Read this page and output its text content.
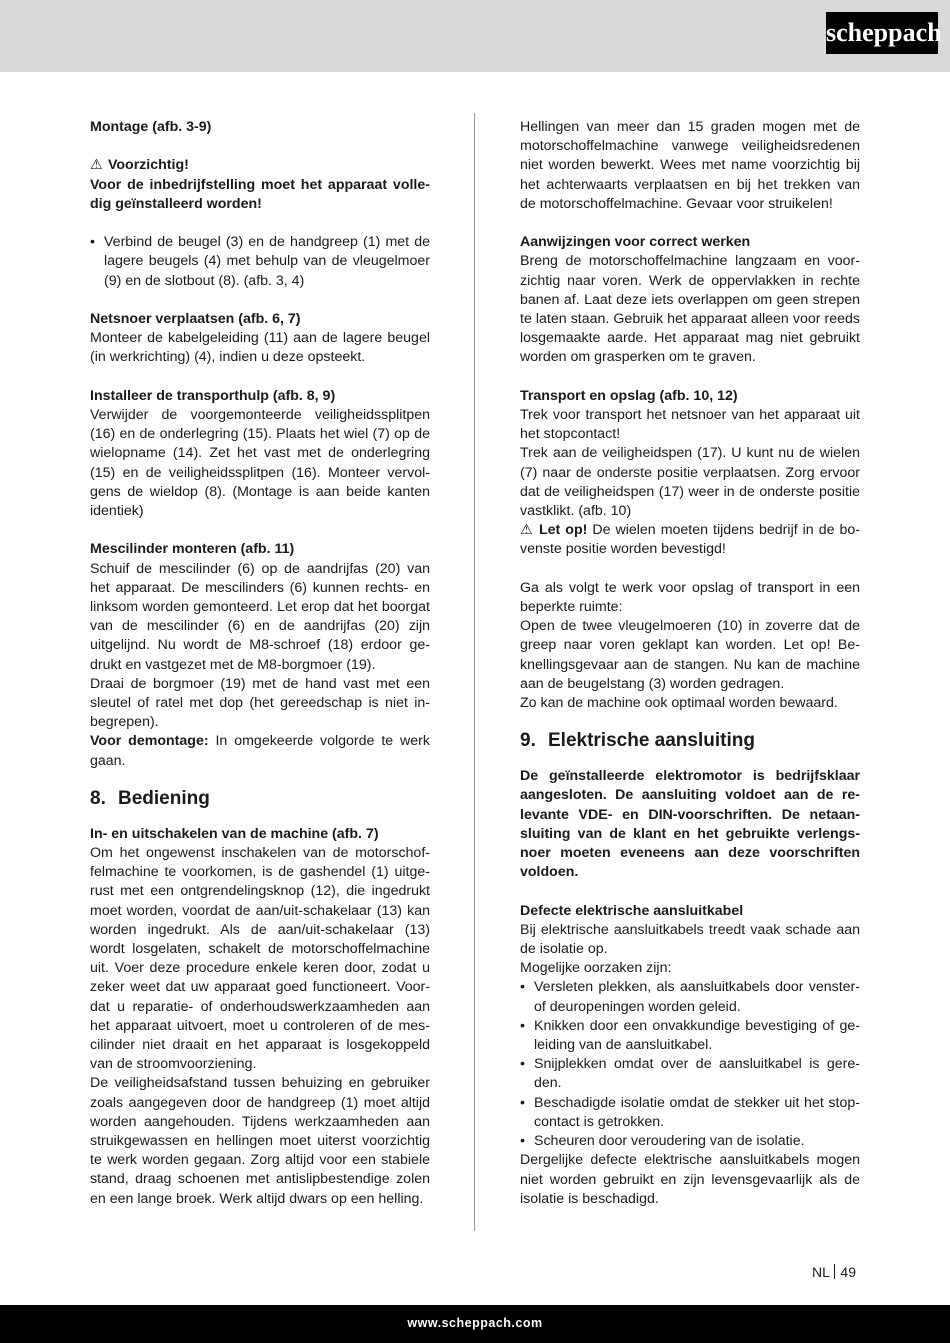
scheppach

Montage (afb. 3-9)

⚠ Voorzichtig!

Voor de inbedrijfstelling moet het apparaat volledig geïnstalleerd worden!

• Verbind de beugel (3) en de handgreep (1) met de lagere beugels (4) met behulp van de vleugelmoer (9) en de slotbout (8). (afb. 3, 4)

Netsnoer verplaatsen (afb. 6, 7)

Monteer de kabelgeleiding (11) aan de lagere beugel (in werkrichting) (4), indien u deze opsteekt.

Installeer de transporthulp (afb. 8, 9)

Verwijder de voorgemonteerde veiligheidssplitpen (16) en de onderlegring (15). Plaats het wiel (7) op de wielopname (14). Zet het vast met de onderlegring (15) en de veiligheidssplitpen (16). Monteer vervolgens de wieldop (8). (Montage is aan beide kanten identiek)

Mescilinder monteren (afb. 11)

Schuif de mescilinder (6) op de aandrijfas (20) van het apparaat. De mescilinders (6) kunnen rechts- en linksom worden gemonteerd. Let erop dat het boorgat van de mescilinder (6) en de aandrijfas (20) zijn uitgelijnd. Nu wordt de M8-schroef (18) erdoor gedrukt en vastgezet met de M8-borgmoer (19).

Draai de borgmoer (19) met de hand vast met een sleutel of ratel met dop (het gereedschap is niet inbegrepen).

Voor demontage: In omgekeerde volgorde te werk gaan.

8. Bediening

In- en uitschakelen van de machine (afb. 7)

Om het ongewenst inschakelen van de motorschoffelmachine te voorkomen, is de gashendel (1) uitgerust met een ontgrendelingsknop (12), die ingedrukt moet worden, voordat de aan/uit-schakelaar (13) kan worden ingedrukt. Als de aan/uit-schakelaar (13) wordt losgelaten, schakelt de motorschoffelmachine uit. Voer deze procedure enkele keren door, zodat u zeker weet dat uw apparaat goed functioneert. Voordat u reparatie- of onderhoudswerkzaamheden aan het apparaat uitvoert, moet u controleren of de mescilinder niet draait en het apparaat is losgekoppeld van de stroomvoorziening.

De veiligheidsafstand tussen behuizing en gebruiker zoals aangegeven door de handgreep (1) moet altijd worden aangehouden. Tijdens werkzaamheden aan struikgewassen en hellingen moet uiterst voorzichtig te werk worden gegaan. Zorg altijd voor een stabiele stand, draag schoenen met antislipbestendige zolen en een lange broek. Werk altijd dwars op een helling.

Hellingen van meer dan 15 graden mogen met de motorschoffelmachine vanwege veiligheidsredenen niet worden bewerkt. Wees met name voorzichtig bij het achterwaarts verplaatsen en bij het trekken van de motorschoffelmachine. Gevaar voor struikelen!

Aanwijzingen voor correct werken

Breng de motorschoffelmachine langzaam en voorzichtig naar voren. Werk de oppervlakken in rechte banen af. Laat deze iets overlappen om geen strepen te laten staan. Gebruik het apparaat alleen voor reeds losgemaakte aarde. Het apparaat mag niet gebruikt worden om grasperken om te graven.

Transport en opslag (afb. 10, 12)

Trek voor transport het netsnoer van het apparaat uit het stopcontact!

Trek aan de veiligheidspen (17). U kunt nu de wielen (7) naar de onderste positie verplaatsen. Zorg ervoor dat de veiligheidspen (17) weer in de onderste positie vastklikt. (afb. 10)

⚠ Let op! De wielen moeten tijdens bedrijf in de bovenste positie worden bevestigd!

Ga als volgt te werk voor opslag of transport in een beperkte ruimte:

Open de twee vleugelmoeren (10) in zoverre dat de greep naar voren geklapt kan worden. Let op! Beknellingsgevaar aan de stangen. Nu kan de machine aan de beugelstang (3) worden gedragen.

Zo kan de machine ook optimaal worden bewaard.

9. Elektrische aansluiting

De geïnstalleerde elektromotor is bedrijfsklaar aangesloten. De aansluiting voldoet aan de relevante VDE- en DIN-voorschriften. De netaansluiting van de klant en het gebruikte verlengsnoer moeten eveneens aan deze voorschriften voldoen.

Defecte elektrische aansluitkabel

Bij elektrische aansluitkabels treedt vaak schade aan de isolatie op.

Mogelijke oorzaken zijn:

• Versleten plekken, als aansluitkabels door vensterof deuropeningen worden geleid.
• Knikken door een onvakkundige bevestiging of geleiding van de aansluitkabel.
• Snijplekken omdat over de aansluitkabel is gereden.
• Beschadigde isolatie omdat de stekker uit het stopcontact is getrokken.
• Scheuren door veroudering van de isolatie.

Dergelijke defecte elektrische aansluitkabels mogen niet worden gebruikt en zijn levensgevaarlijk als de isolatie is beschadigd.

NL 49
www.scheppach.com
